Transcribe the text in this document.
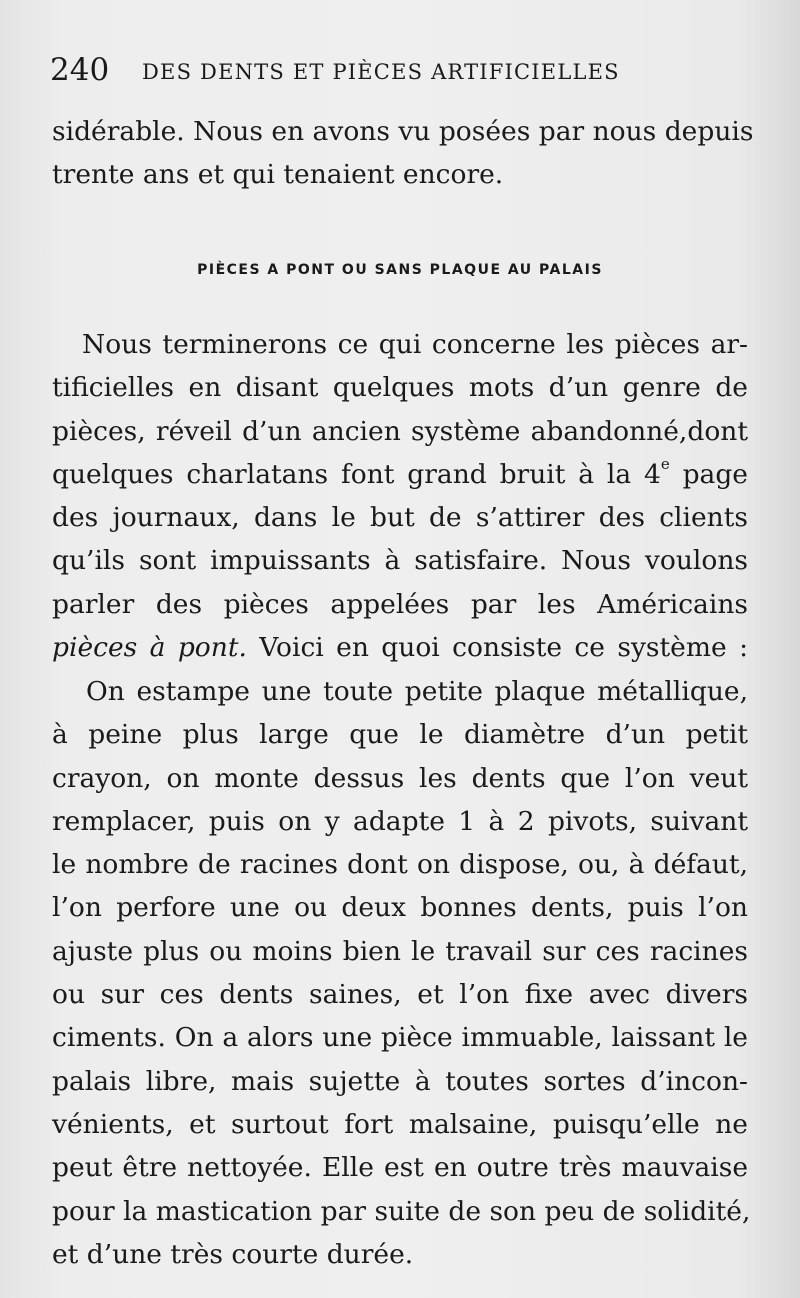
240 DES DENTS ET PIÈCES ARTIFICIELLES
sidérable. Nous en avons vu posées par nous depuis
trente ans et qui tenaient encore.
PIÈCES A PONT OU SANS PLAQUE AU PALAIS
Nous terminerons ce qui concerne les pièces ar-
tificielles en disant quelques mots d’un genre de
pièces, réveil d’un ancien système abandonné,dont
quelques charlatans font grand bruit à la 4e page
des journaux, dans le but de s’attirer des clients
qu’ils sont impuissants à satisfaire. Nous voulons
parler des pièces appelées par les Américains
pièces à pont. Voici en quoi consiste ce système :
On estampe une toute petite plaque métallique,
à peine plus large que le diamètre d’un petit
crayon, on monte dessus les dents que l’on veut
remplacer, puis on y adapte 1 à 2 pivots, suivant
le nombre de racines dont on dispose, ou, à défaut,
l’on perfore une ou deux bonnes dents, puis l’on
ajuste plus ou moins bien le travail sur ces racines
ou sur ces dents saines, et l’on fixe avec divers
ciments. On a alors une pièce immuable, laissant le
palais libre, mais sujette à toutes sortes d’incon-
vénients, et surtout fort malsaine, puisqu’elle ne
peut être nettoyée. Elle est en outre très mauvaise
pour la mastication par suite de son peu de solidité,
et d’une très courte durée.
